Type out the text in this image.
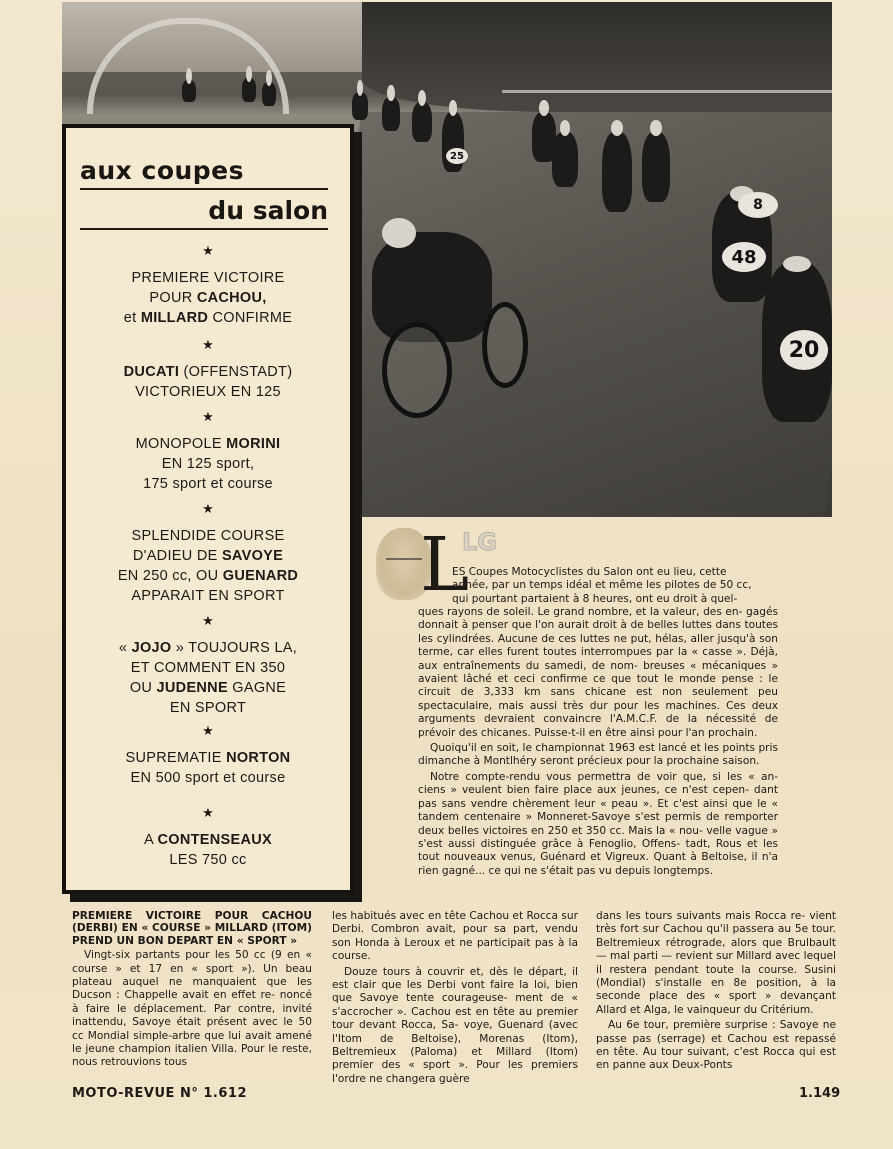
48
20
8
25
aux coupes
du salon
★
PREMIERE VICTOIRE
POUR CACHOU,
et MILLARD CONFIRME
★
DUCATI (OFFENSTADT)
VICTORIEUX EN 125
★
MONOPOLE MORINI
EN 125 sport,
175 sport et course
★
SPLENDIDE COURSE
D'ADIEU DE SAVOYE
EN 250 cc, OU GUENARD
APPARAIT EN SPORT
★
« JOJO » TOUJOURS LA,
ET COMMENT EN 350
OU JUDENNE GAGNE
EN SPORT
★
SUPREMATIE NORTON
EN 500 sport et course
★
A CONTENSEAUX
LES 750 cc
L
LG
ES Coupes Motocyclistes du Salon ont eu lieu, cette
année, par un temps idéal et même les pilotes de 50 cc,
qui pourtant partaient à 8 heures, ont eu droit à quel-

ques rayons de soleil. Le grand nombre, et la valeur, des en- gagés donnait à penser que l'on aurait droit à de belles luttes dans toutes les cylindrées. Aucune de ces luttes ne put, hélas, aller jusqu'à son terme, car elles furent toutes interrompues par la « casse ». Déjà, aux entraînements du samedi, de nom- breuses « mécaniques » avaient lâché et ceci confirme ce que tout le monde pense : le circuit de 3,333 km sans chicane est non seulement peu spectaculaire, mais aussi très dur pour les machines. Ces deux arguments devraient convaincre l'A.M.C.F. de la nécessité de prévoir des chicanes. Puisse-t-il en être ainsi pour l'an prochain.

Quoiqu'il en soit, le championnat 1963 est lancé et les points pris dimanche à Montlhéry seront précieux pour la prochaine saison.

Notre compte-rendu vous permettra de voir que, si les « an- ciens » veulent bien faire place aux jeunes, ce n'est cepen- dant pas sans vendre chèrement leur « peau ». Et c'est ainsi que le « tandem centenaire » Monneret-Savoye s'est permis de remporter deux belles victoires en 250 et 350 cc. Mais la « nou- velle vague » s'est aussi distinguée grâce à Fenoglio, Offens- tadt, Rous et les tout nouveaux venus, Guénard et Vigreux. Quant à Beltoise, il n'a rien gagné... ce qui ne s'était pas vu depuis longtemps.

PREMIERE VICTOIRE POUR CACHOU (DERBI) EN « COURSE » MILLARD (ITOM) PREND UN BON DEPART EN « SPORT »

Vingt-six partants pour les 50 cc (9 en « course » et 17 en « sport »). Un beau plateau auquel ne manquaient que les Ducson : Chappelle avait en effet re- noncé à faire le déplacement. Par contre, invité inattendu, Savoye était présent avec le 50 cc Mondial simple-arbre que lui avait amené le jeune champion italien Villa. Pour le reste, nous retrouvions tous

les habitués avec en tête Cachou et Rocca sur Derbi. Combron avait, pour sa part, vendu son Honda à Leroux et ne participait pas à la course.

Douze tours à couvrir et, dès le départ, il est clair que les Derbi vont faire la loi, bien que Savoye tente courageuse- ment de « s'accrocher ». Cachou est en tête au premier tour devant Rocca, Sa- voye, Guenard (avec l'Itom de Beltoise), Morenas (Itom), Beltremieux (Paloma) et Millard (Itom) premier des « sport ». Pour les premiers l'ordre ne changera guère

dans les tours suivants mais Rocca re- vient très fort sur Cachou qu'il passera au 5e tour. Beltremieux rétrograde, alors que Brulbault — mal parti — revient sur Millard avec lequel il restera pendant toute la course. Susini (Mondial) s'installe en 8e position, à la seconde place des « sport » devançant Allard et Alga, le vainqueur du Critérium.

Au 6e tour, première surprise : Savoye ne passe pas (serrage) et Cachou est repassé en tête. Au tour suivant, c'est Rocca qui est en panne aux Deux-Ponts

MOTO-REVUE N° 1.612	1.149
